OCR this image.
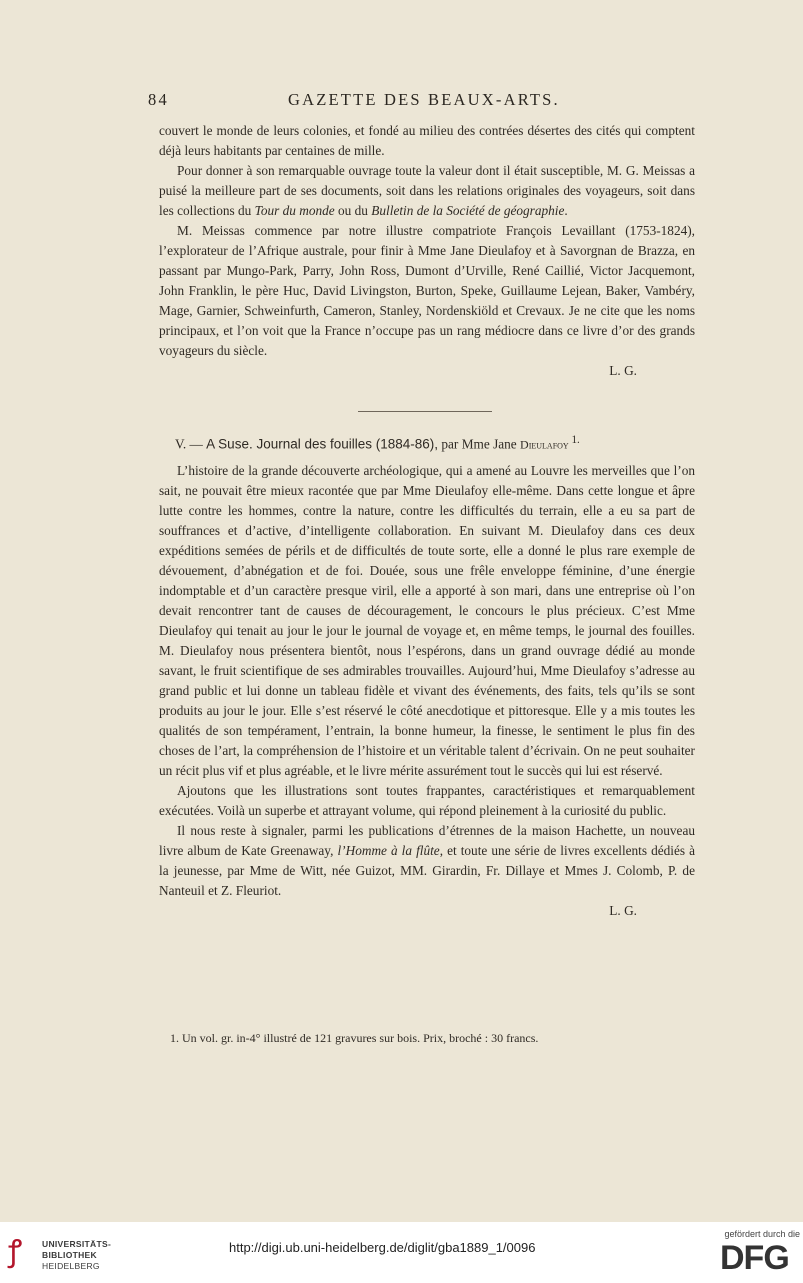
84	GAZETTE DES BEAUX-ARTS.

couvert le monde de leurs colonies, et fondé au milieu des contrées désertes des cités qui comptent déjà leurs habitants par centaines de mille.

Pour donner à son remarquable ouvrage toute la valeur dont il était susceptible, M. G. Meissas a puisé la meilleure part de ses documents, soit dans les relations originales des voyageurs, soit dans les collections du Tour du monde ou du Bulletin de la Société de géographie.

M. Meissas commence par notre illustre compatriote François Levaillant (1753-1824), l’explorateur de l’Afrique australe, pour finir à Mme Jane Dieulafoy et à Savorgnan de Brazza, en passant par Mungo-Park, Parry, John Ross, Dumont d’Urville, René Caillié, Victor Jacquemont, John Franklin, le père Huc, David Livingston, Burton, Speke, Guillaume Lejean, Baker, Vambéry, Mage, Garnier, Schweinfurth, Cameron, Stanley, Nordenskiöld et Crevaux. Je ne cite que les noms principaux, et l’on voit que la France n’occupe pas un rang médiocre dans ce livre d’or des grands voyageurs du siècle.

L. G.
V. — A Suse. Journal des fouilles (1884-86), par Mme Jane Dieulafoy $^{1.}$

L’histoire de la grande découverte archéologique, qui a amené au Louvre les merveilles que l’on sait, ne pouvait être mieux racontée que par Mme Dieulafoy elle-même. Dans cette longue et âpre lutte contre les hommes, contre la nature, contre les difficultés du terrain, elle a eu sa part de souffrances et d’active, d’intelligente collaboration. En suivant M. Dieulafoy dans ces deux expéditions semées de périls et de difficultés de toute sorte, elle a donné le plus rare exemple de dévouement, d’abnégation et de foi. Douée, sous une frêle enveloppe féminine, d’une énergie indomptable et d’un caractère presque viril, elle a apporté à son mari, dans une entreprise où l’on devait rencontrer tant de causes de découragement, le concours le plus précieux. C’est Mme Dieulafoy qui tenait au jour le jour le journal de voyage et, en même temps, le journal des fouilles. M. Dieulafoy nous présentera bientôt, nous l’espérons, dans un grand ouvrage dédié au monde savant, le fruit scientifique de ses admirables trouvailles. Aujourd’hui, Mme Dieulafoy s’adresse au grand public et lui donne un tableau fidèle et vivant des événements, des faits, tels qu’ils se sont produits au jour le jour. Elle s’est réservé le côté anecdotique et pittoresque. Elle y a mis toutes les qualités de son tempérament, l’entrain, la bonne humeur, la finesse, le sentiment le plus fin des choses de l’art, la compréhension de l’histoire et un véritable talent d’écrivain. On ne peut souhaiter un récit plus vif et plus agréable, et le livre mérite assurément tout le succès qui lui est réservé.

Ajoutons que les illustrations sont toutes frappantes, caractéristiques et remarquablement exécutées. Voilà un superbe et attrayant volume, qui répond pleinement à la curiosité du public.

Il nous reste à signaler, parmi les publications d’étrennes de la maison Hachette, un nouveau livre album de Kate Greenaway, l’Homme à la flûte, et toute une série de livres excellents dédiés à la jeunesse, par Mme de Witt, née Guizot, MM. Girardin, Fr. Dillaye et Mmes J. Colomb, P. de Nanteuil et Z. Fleuriot.

L. G.
1. Un vol. gr. in-4° illustré de 121 gravures sur bois. Prix, broché : 30 francs.
ꝭ	UNIVERSITÄTS-
BIBLIOTHEK
HEIDELBERG
http://digi.ub.uni-heidelberg.de/diglit/gba1889_1/0096
gefördert durch die
DFG
